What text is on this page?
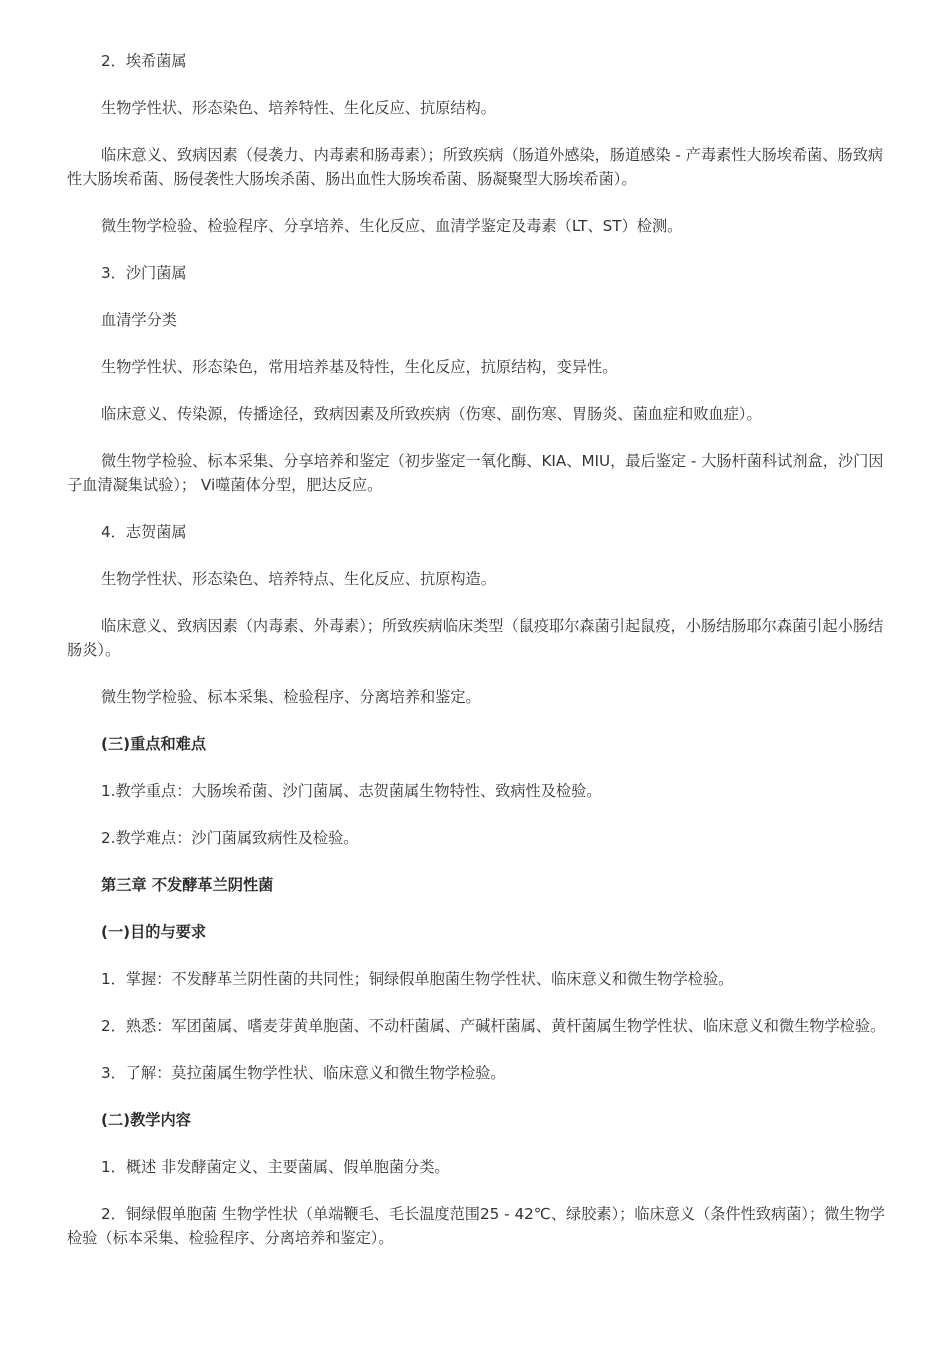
2．埃希菌属

生物学性状、形态染色、培养特性、生化反应、抗原结构。

临床意义、致病因素（侵袭力、内毒素和肠毒素）；所致疾病（肠道外感染，肠道感染 - 产毒素性大肠埃希菌、肠致病性大肠埃希菌、肠侵袭性大肠埃杀菌、肠出血性大肠埃希菌、肠凝聚型大肠埃希菌）。

微生物学检验、检验程序、分享培养、生化反应、血清学鉴定及毒素（LT、ST）检测。

3．沙门菌属

血清学分类

生物学性状、形态染色，常用培养基及特性，生化反应，抗原结构，变异性。

临床意义、传染源，传播途径，致病因素及所致疾病（伤寒、副伤寒、胃肠炎、菌血症和败血症）。

微生物学检验、标本采集、分享培养和鉴定（初步鉴定一氧化酶、KIA、MIU，最后鉴定 - 大肠杆菌科试剂盒，沙门因子血清凝集试验）； Vi噬菌体分型，肥达反应。

4．志贺菌属

生物学性状、形态染色、培养特点、生化反应、抗原构造。

临床意义、致病因素（内毒素、外毒素）；所致疾病临床类型（鼠疫耶尔森菌引起鼠疫，小肠结肠耶尔森菌引起小肠结肠炎）。

微生物学检验、标本采集、检验程序、分离培养和鉴定。

(三)重点和难点

1.教学重点：大肠埃希菌、沙门菌属、志贺菌属生物特性、致病性及检验。

2.教学难点：沙门菌属致病性及检验。

第三章 不发酵革兰阴性菌

(一)目的与要求

1．掌握：不发酵革兰阴性菌的共同性；铜绿假单胞菌生物学性状、临床意义和微生物学检验。

2．熟悉：军团菌属、嗜麦芽黄单胞菌、不动杆菌属、产碱杆菌属、黄杆菌属生物学性状、临床意义和微生物学检验。

3．了解：莫拉菌属生物学性状、临床意义和微生物学检验。

(二)教学内容

1．概述 非发酵菌定义、主要菌属、假单胞菌分类。

2．铜绿假单胞菌 生物学性状（单端鞭毛、毛长温度范围25 - 42℃、绿胶素）；临床意义（条件性致病菌）；微生物学检验（标本采集、检验程序、分离培养和鉴定）。
